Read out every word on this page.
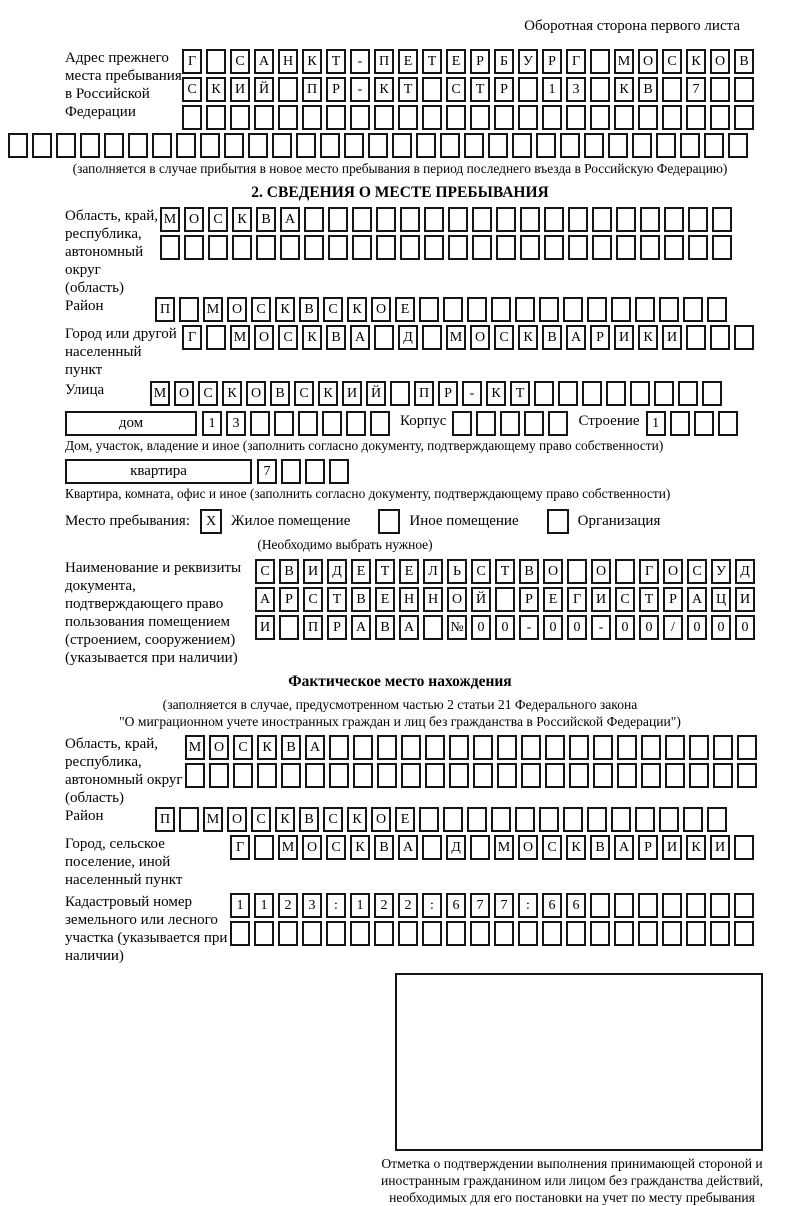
Оборотная сторона первого листа
Адрес прежнего места пребывания в Российской Федерации
Г	С	А Н	К	Т	-	П	Е	Т	Е	Р	Б	У	Р	Г	М О	С	К	О	В
С	К	И Й	П	Р	-	К	Т	С	Т	Р	1	3	К	В	7
(заполняется в случае прибытия в новое место пребывания в период последнего въезда в Российскую Федерацию)
2. СВЕДЕНИЯ О МЕСТЕ ПРЕБЫВАНИЯ
Область, край, республика, автономный округ (область)
М О	С	К	В	А
Район	П	М О	С	К	В	С	К	О	Е
Город или другой населенный пункт
Г	М О	С	К	В	А	Д	М О	С	К	В	А	Р	И	К	И
Улица	М О	С	К	О	В	С	К	И Й	П	Р	-	К	Т
дом	1	3	Корпус	Строение 1
Дом, участок, владение и иное (заполнить согласно документу, подтверждающему право собственности)
квартира	7
Квартира, комната, офис и иное (заполнить согласно документу, подтверждающему право собственности)
Место пребывания:	X Жилое помещение	Иное помещение	Организация
(Необходимо выбрать нужное)
Наименование и реквизиты документа, подтверждающего право пользования помещением (строением, сооружением) (указывается при наличии)
С	В	И	Д	Е	Т	Е	Л	Ь	С	Т	В	О	О	Г	О	С	У	Д
А	Р	С	Т	В	Е	Н Н О Й	Р	Е	Г	И	С	Т	Р	А Ц И
И	П	Р	А	В	А	№ 0	0	-	0	0	-	0	0	/	0	0	0
Фактическое место нахождения
(заполняется в случае, предусмотренном частью 2 статьи 21 Федерального закона
"О миграционном учете иностранных граждан и лиц без гражданства в Российской Федерации")
Область, край, республика, автономный округ (область)
М О	С	К	В	А
Район	П	М О	С	К	В	С	К	О	Е
Город, сельское поселение, иной населенный пункт
Г	М О	С	К	В	А	Д	М О	С	К	В	А	Р	И	К	И
Кадастровый номер земельного или лесного участка (указывается при наличии)
1	1	2	3	:	1	2	2	:	6	7	7	:	6	6
Отметка о подтверждении выполнения принимающей стороной и иностранным гражданином или лицом без гражданства действий, необходимых для его постановки на учет по месту пребывания
